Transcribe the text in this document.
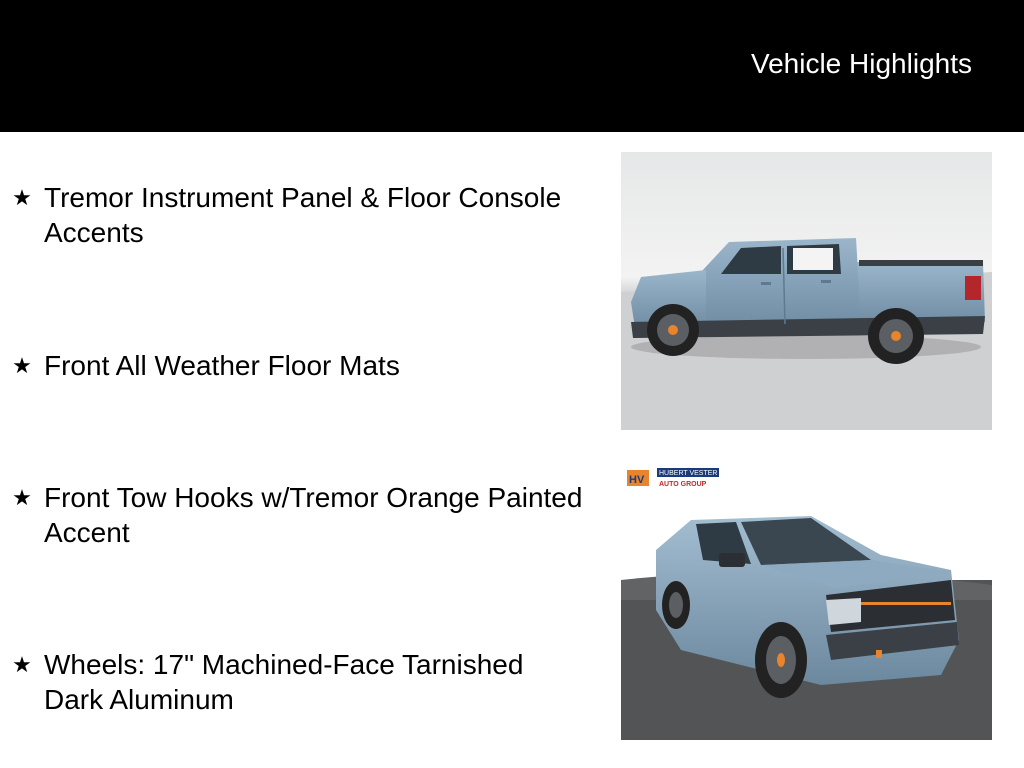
Vehicle Highlights
★ Tremor Instrument Panel & Floor Console Accents
★ Front All Weather Floor Mats
★ Front Tow Hooks w/Tremor Orange Painted Accent
★ Wheels: 17" Machined-Face Tarnished Dark Aluminum
HV
HUBERT VESTER
AUTO GROUP
